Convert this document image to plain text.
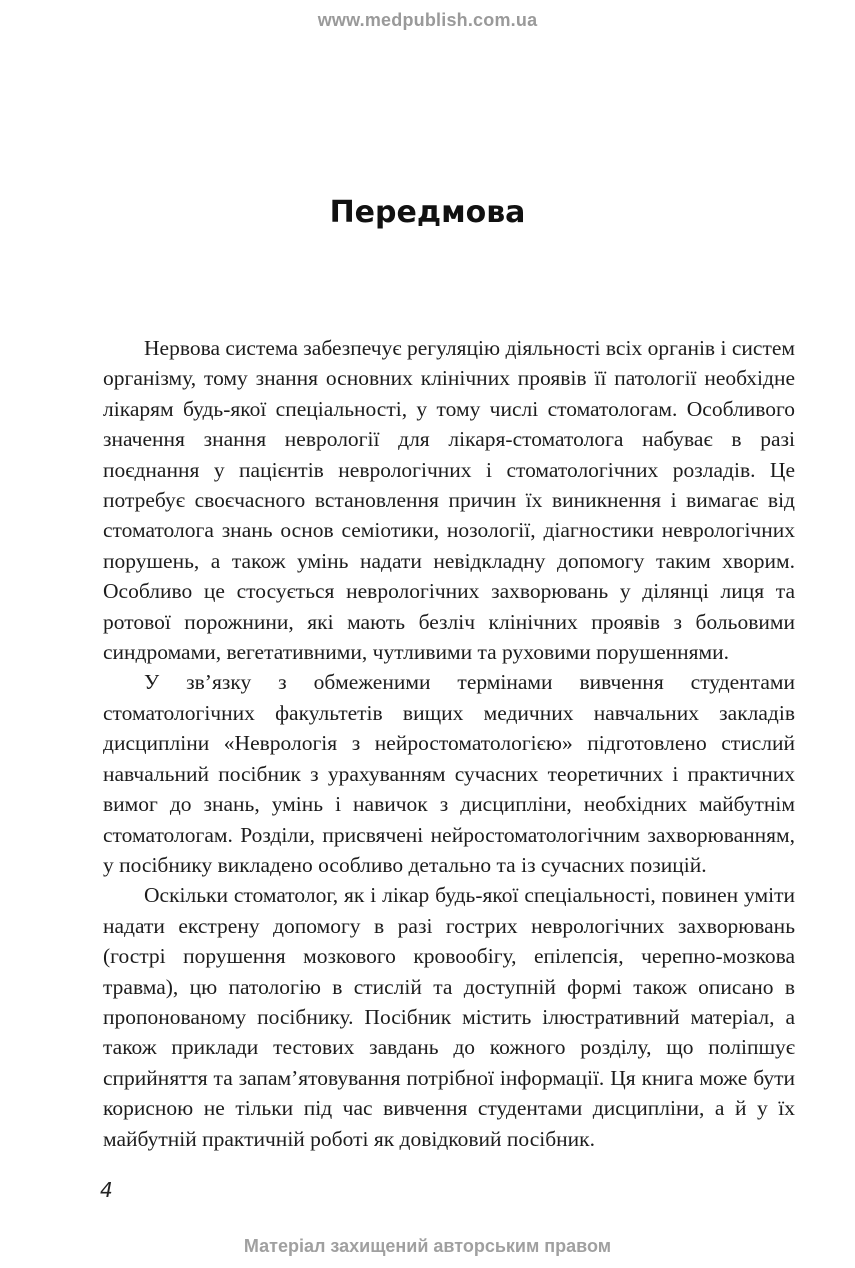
www.medpublish.com.ua
Передмова

Нервова система забезпечує регуляцію діяльності всіх органів і систем організму, тому знання основних клінічних проявів її патології необхідне лікарям будь-якої спеціальності, у тому числі стоматологам. Особливого значення знання неврології для лікаря-стоматолога набуває в разі поєднання у пацієнтів неврологічних і стоматологічних розладів. Це потребує своєчасного встановлення причин їх виникнення і вимагає від стоматолога знань основ семіотики, нозології, діагностики неврологічних порушень, а також умінь надати невідкладну допомогу таким хворим. Особливо це стосується неврологічних захворювань у ділянці лиця та ротової порожнини, які мають безліч клінічних проявів з больовими синдромами, вегетативними, чутливими та руховими порушеннями.

У зв’язку з обмеженими термінами вивчення студентами стоматологічних факультетів вищих медичних навчальних закладів дисципліни «Неврологія з нейростоматологією» підготовлено стислий навчальний посібник з урахуванням сучасних теоретичних і практичних вимог до знань, умінь і навичок з дисципліни, необхідних майбутнім стоматологам. Розділи, присвячені нейростоматологічним захворюванням, у посібнику викладено особливо детально та із сучасних позицій.

Оскільки стоматолог, як і лікар будь-якої спеціальності, повинен уміти надати екстрену допомогу в разі гострих неврологічних захворювань (гострі порушення мозкового кровообігу, епілепсія, черепно-мозкова травма), цю патологію в стислій та доступній формі також описано в пропонованому посібнику. Посібник містить ілюстративний матеріал, а також приклади тестових завдань до кожного розділу, що поліпшує сприйняття та запам’ятовування потрібної інформації. Ця книга може бути корисною не тільки під час вивчення студентами дисципліни, а й у їх майбутній практичній роботі як довідковий посібник.

4
Матеріал захищений авторським правом
